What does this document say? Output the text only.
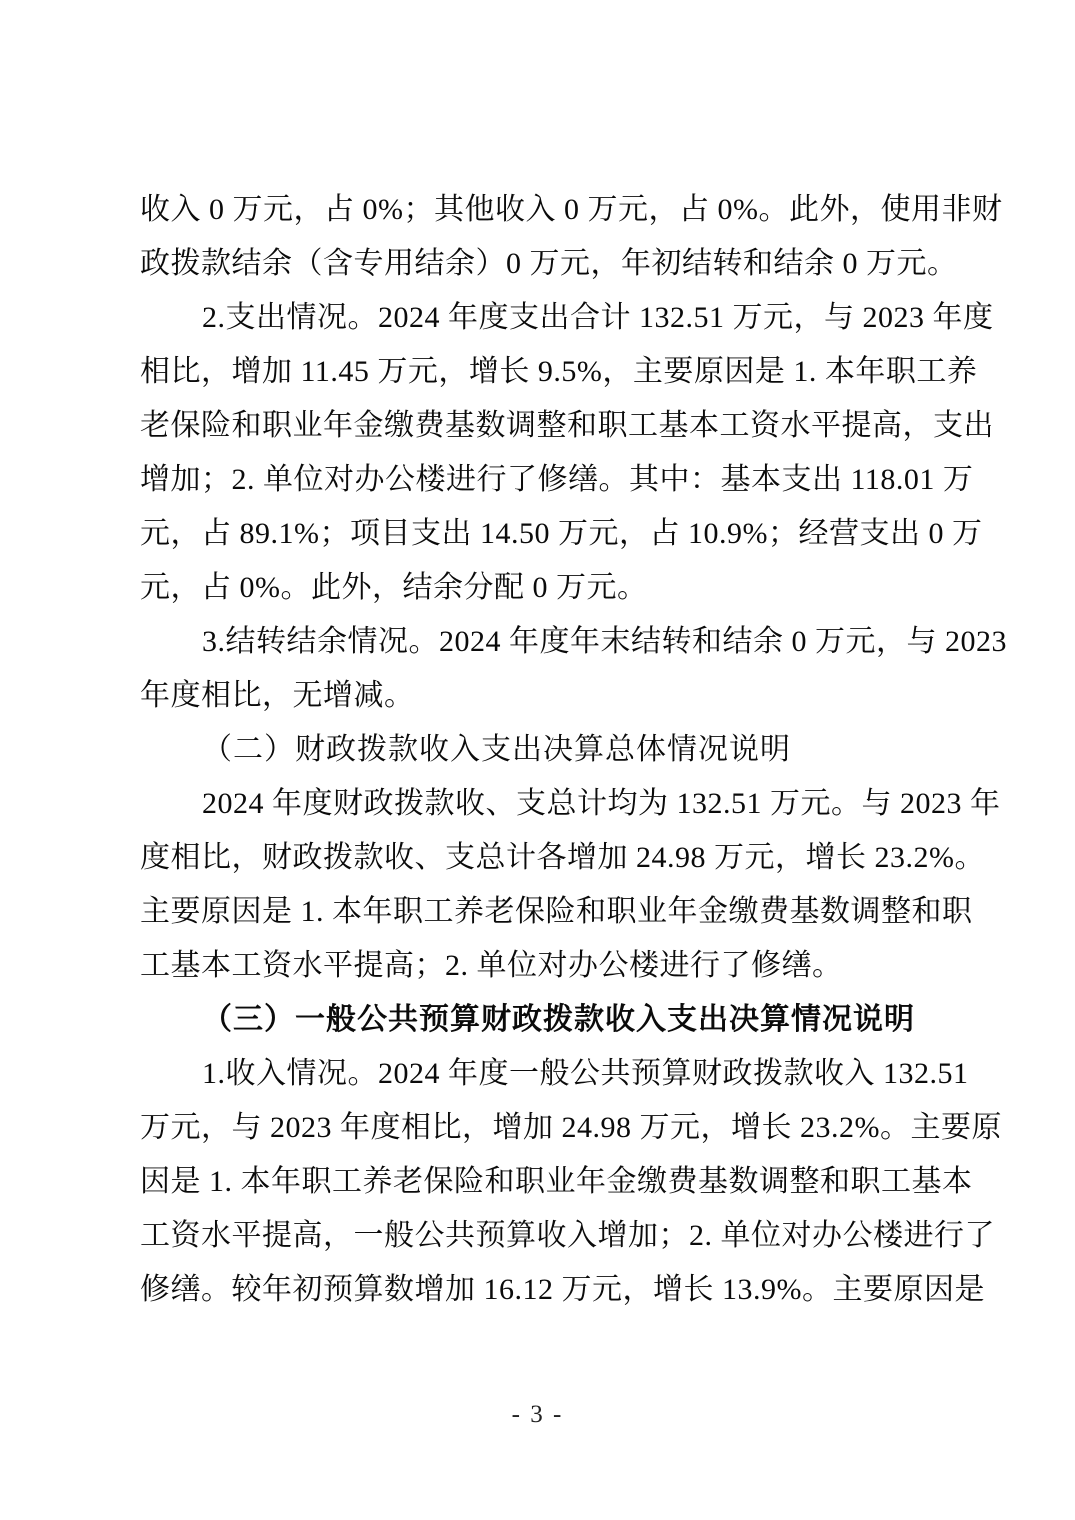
收入 0 万元，占 0%；其他收入 0 万元，占 0%。此外，使用非财
政拨款结余（含专用结余）0 万元，年初结转和结余 0 万元。
2.支出情况。2024 年度支出合计 132.51 万元，与 2023 年度
相比，增加 11.45 万元，增长 9.5%，主要原因是 1. 本年职工养
老保险和职业年金缴费基数调整和职工基本工资水平提高，支出
增加；2. 单位对办公楼进行了修缮。其中：基本支出 118.01 万
元，占 89.1%；项目支出 14.50 万元，占 10.9%；经营支出 0 万
元，占 0%。此外，结余分配 0 万元。
3.结转结余情况。2024 年度年末结转和结余 0 万元，与 2023
年度相比，无增减。
（二）财政拨款收入支出决算总体情况说明
2024 年度财政拨款收、支总计均为 132.51 万元。与 2023 年
度相比，财政拨款收、支总计各增加 24.98 万元，增长 23.2%。
主要原因是 1. 本年职工养老保险和职业年金缴费基数调整和职
工基本工资水平提高；2. 单位对办公楼进行了修缮。
（三）一般公共预算财政拨款收入支出决算情况说明
1.收入情况。2024 年度一般公共预算财政拨款收入 132.51
万元，与 2023 年度相比，增加 24.98 万元，增长 23.2%。主要原
因是 1. 本年职工养老保险和职业年金缴费基数调整和职工基本
工资水平提高，一般公共预算收入增加；2. 单位对办公楼进行了
修缮。较年初预算数增加 16.12 万元，增长 13.9%。主要原因是
- 3 -
